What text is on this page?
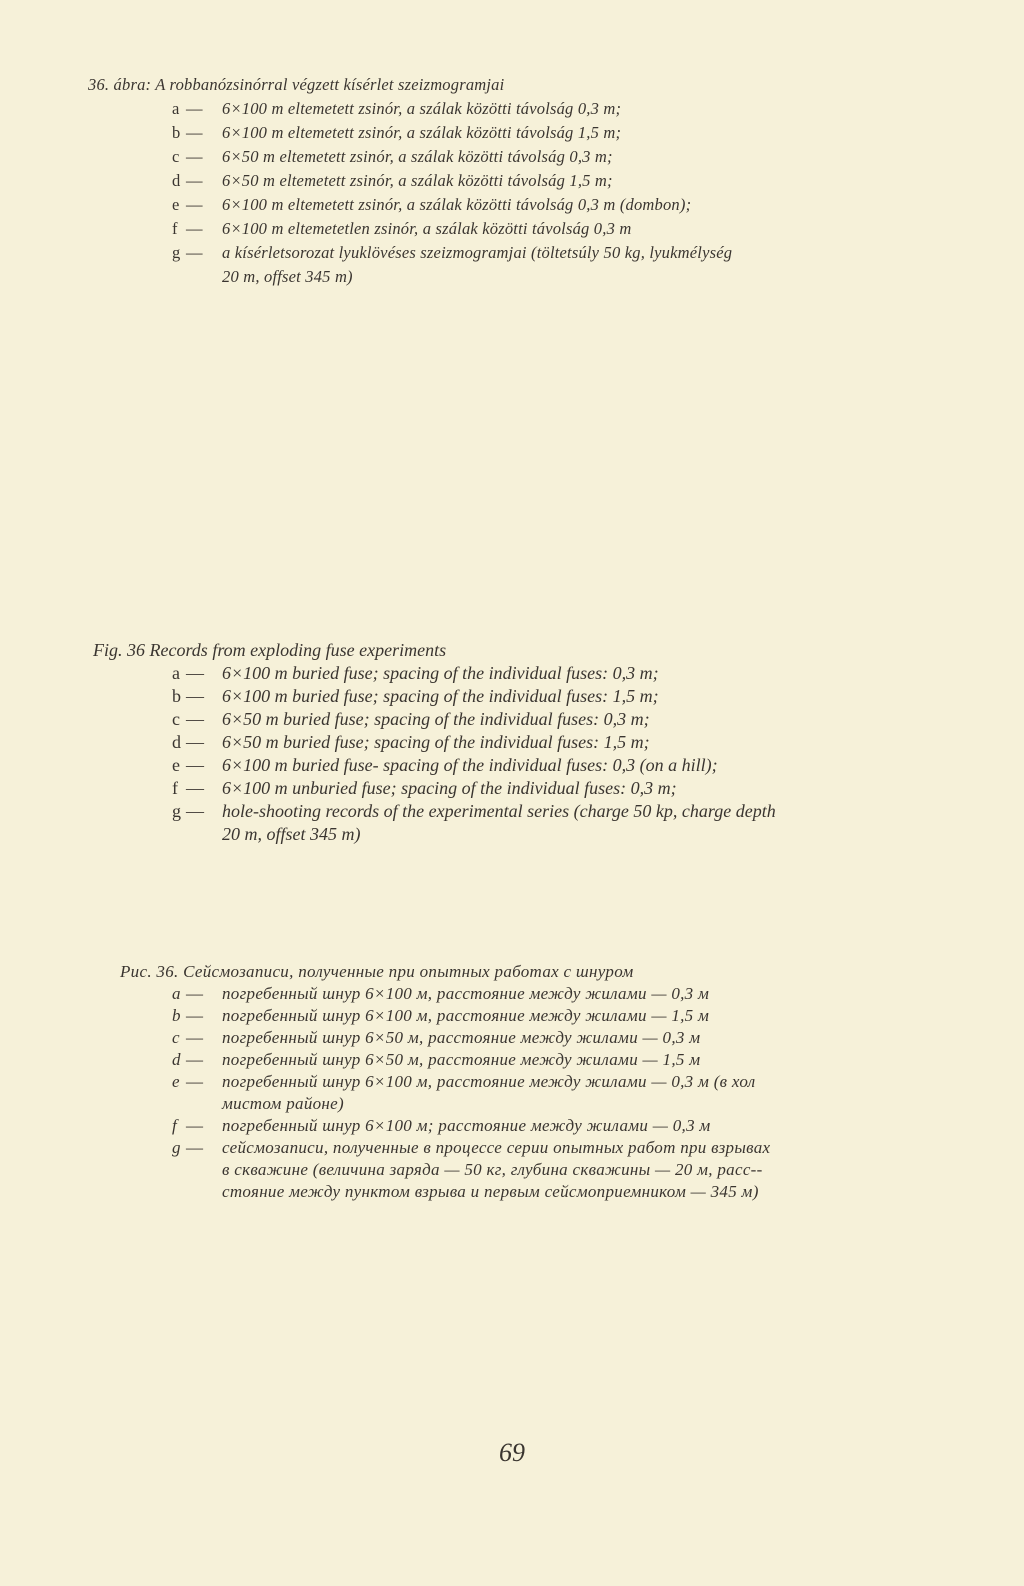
36. ábra: A robbanózsinórral végzett kísérlet szeizmogramjai
a — 6×100 m eltemetett zsinór, a szálak közötti távolság 0,3 m;
b — 6×100 m eltemetett zsinór, a szálak közötti távolság 1,5 m;
c — 6×50 m eltemetett zsinór, a szálak közötti távolság 0,3 m;
d — 6×50 m eltemetett zsinór, a szálak közötti távolság 1,5 m;
e — 6×100 m eltemetett zsinór, a szálak közötti távolság 0,3 m (dombon);
f — 6×100 m eltemetetlen zsinór, a szálak közötti távolság 0,3 m
g — a kísérletsorozat lyuklövéses szeizmogramjai (töltetsúly 50 kg, lyukmélység
20 m, offset 345 m)
Fig. 36 Records from exploding fuse experiments
a — 6×100 m buried fuse; spacing of the individual fuses: 0,3 m;
b — 6×100 m buried fuse; spacing of the individual fuses: 1,5 m;
c — 6×50 m buried fuse; spacing of the individual fuses: 0,3 m;
d — 6×50 m buried fuse; spacing of the individual fuses: 1,5 m;
e — 6×100 m buried fuse- spacing of the individual fuses: 0,3 (on a hill);
f — 6×100 m unburied fuse; spacing of the individual fuses: 0,3 m;
g — hole-shooting records of the experimental series (charge 50 kp, charge depth
20 m, offset 345 m)
Рис. 36. Сейсмозаписи, полученные при опытных работах с шнуром
a — погребенный шнур 6×100 м, расстояние между жилами — 0,3 м
b — погребенный шнур 6×100 м, расстояние между жилами — 1,5 м
c — погребенный шнур 6×50 м, расстояние между жилами — 0,3 м
d — погребенный шнур 6×50 м, расстояние между жилами — 1,5 м
e — погребенный шнур 6×100 м, расстояние между жилами — 0,3 м (в хол
мистом районе)
f — погребенный шнур 6×100 м; расстояние между жилами — 0,3 м
g — сейсмозаписи, полученные в процессе серии опытных работ при взрывах
в скважине (величина заряда — 50 кг, глубина скважины — 20 м, расс--
стояние между пунктом взрыва и первым сейсмоприемником — 345 м)
69
